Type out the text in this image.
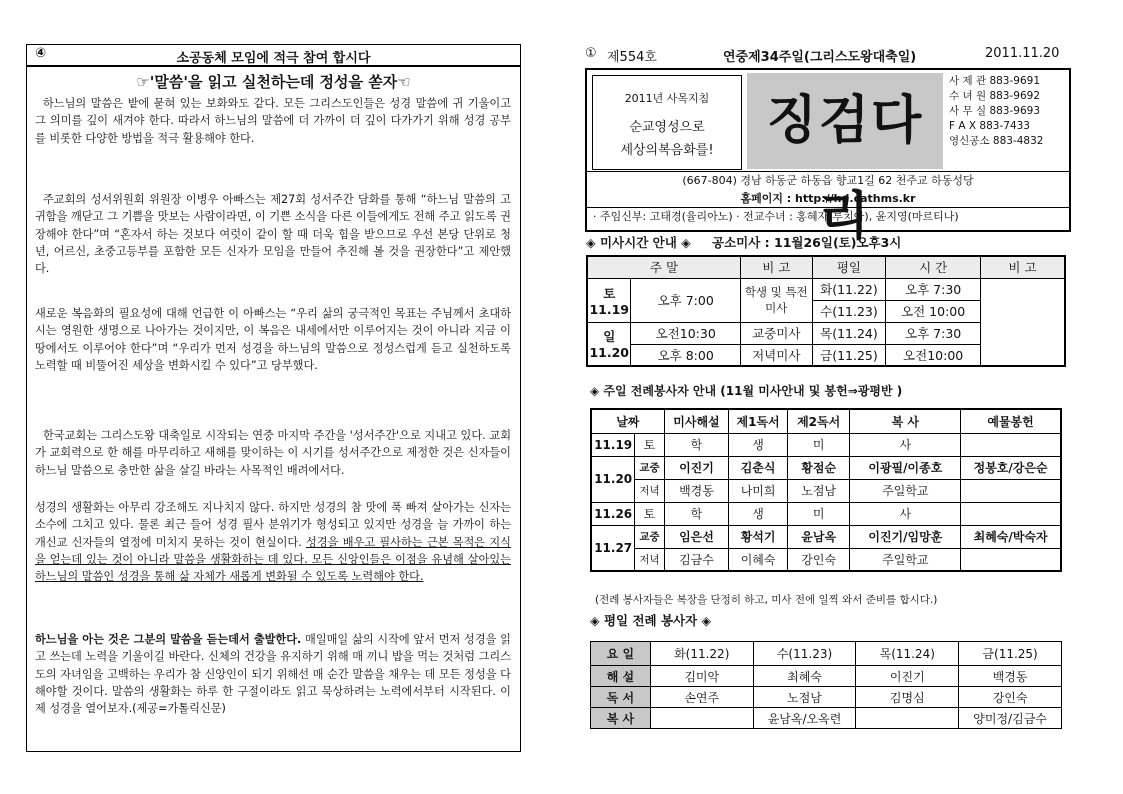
④	소공동체 모임에 적극 참여 합시다
☞'말씀'을 읽고 실천하는데 정성을 쏟자☜

하느님의 말씀은 밭에 묻혀 있는 보화와도 같다. 모든 그리스도인들은 성경 말씀에 귀 기울이고 그 의미를 깊이 새겨야 한다. 따라서 하느님의 말씀에 더 가까이 더 깊이 다가가기 위해 성경 공부를 비롯한 다양한 방법을 적극 활용해야 한다.

주교회의 성서위원회 위원장 이병우 아빠스는 제27회 성서주간 담화를 통해 “하느님 말씀의 고귀함을 깨닫고 그 기쁨을 맛보는 사람이라면, 이 기쁜 소식을 다른 이들에게도 전해 주고 읽도록 권장해야 한다”며 “혼자서 하는 것보다 여럿이 같이 할 때 더욱 힘을 받으므로 우선 본당 단위로 청년, 어르신, 초중고등부를 포함한 모든 신자가 모임을 만들어 추진해 볼 것을 권장한다”고 제안했다.

새로운 복음화의 필요성에 대해 언급한 이 아빠스는 “우리 삶의 궁극적인 목표는 주님께서 초대하시는 영원한 생명으로 나아가는 것이지만, 이 복음은 내세에서만 이루어지는 것이 아니라 지금 이 땅에서도 이루어야 한다”며 “우리가 먼저 성경을 하느님의 말씀으로 정성스럽게 듣고 실천하도록 노력할 때 비뚤어진 세상을 변화시킬 수 있다”고 당부했다.

한국교회는 그리스도왕 대축일로 시작되는 연중 마지막 주간을 '성서주간'으로 지내고 있다. 교회가 교회력으로 한 해를 마무리하고 새해를 맞이하는 이 시기를 성서주간으로 제정한 것은 신자들이 하느님 말씀으로 충만한 삶을 살길 바라는 사목적인 배려에서다.

성경의 생활화는 아무리 강조해도 지나치지 않다. 하지만 성경의 참 맛에 푹 빠져 살아가는 신자는 소수에 그치고 있다. 물론 최근 들어 성경 필사 분위기가 형성되고 있지만 성경을 늘 가까이 하는 개신교 신자들의 열정에 미치지 못하는 것이 현실이다. 성경을 배우고 필사하는 근본 목적은 지식을 얻는데 있는 것이 아니라 말씀을 생활화하는 데 있다. 모든 신앙인들은 이점을 유념해 살아있는 하느님의 말씀인 성경을 통해 삶 자체가 새롭게 변화될 수 있도록 노력해야 한다.

하느님을 아는 것은 그분의 말씀을 듣는데서 출발한다. 매일매일 삶의 시작에 앞서 먼저 성경을 읽고 쓰는데 노력을 기울이길 바란다. 신체의 건강을 유지하기 위해 매 끼니 밥을 먹는 것처럼 그리스도의 자녀임을 고백하는 우리가 참 신앙인이 되기 위해선 매 순간 말씀을 채우는 데 모든 정성을 다해야할 것이다. 말씀의 생활화는 하루 한 구절이라도 읽고 묵상하려는 노력에서부터 시작된다. 이제 성경을 열어보자.(제공=가톨릭신문)

① 제554호	연중제34주일(그리스도왕대축일)	2011.11.20
2011년 사목지침
순교영성으로
세상의복음화를!	징검다리
사 제 관 883-9691
수 녀 원 883-9692
사 무 실 883-9693
F A X 883-7433
영신공소 883-4832
(667-804) 경남 하동군 하동읍 향교1길 62 천주교 하동성당
홈페이지 : http://hd.cathms.kr
· 주임신부: 고태경(율리아노) · 전교수녀 : 홍혜자(루치아), 윤지영(마르티나)
◈ 미사시간 안내 ◈ 공소미사 : 11월26일(토)오후3시
주 말		비 고	평일	시 간	비 고
토 11.19	오후 7:00	학생 및 특전미사	화(11.22)	오후 7:30	
			수(11.23)	오전 10:00	
일 11.20	오전10:30	교중미사	목(11.24)	오후 7:30	
	오후 8:00	저녁미사	금(11.25)	오전10:00	
◈ 주일 전례봉사자 안내 (11월 미사안내 및 봉헌⇒광평반 )
날짜		미사해설	제1독서	제2독서	복 사	예물봉헌
11.19	토	학	생	미	사	
11.20	교중	이진기	김춘식	황점순	이광필/이종호	정봉호/강은순
	저녁	백경동	나미희	노점남	주일학교	
11.26	토	학	생	미	사	
11.27	교중	임은선	황석기	윤남옥	이진기/임망훈	최혜숙/박숙자
	저녁	김금수	이혜숙	강인숙	주일학교	
(전례 봉사자들은 복장을 단정히 하고, 미사 전에 일찍 와서 준비를 합시다.)
◈ 평일 전례 봉사자 ◈
요 일	화(11.22)	수(11.23)	목(11.24)	금(11.25)
해 설	김미악	최혜숙	이진기	백경동
독 서	손연주	노점남	김명심	강인숙
복 사		윤남옥/오옥련		양미정/김금수
